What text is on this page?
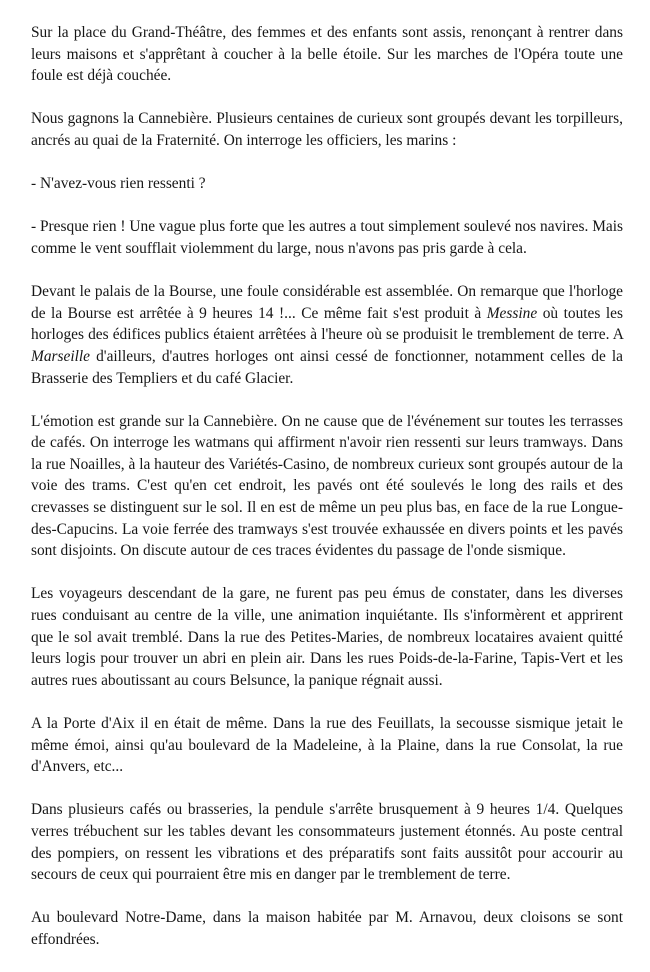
Sur la place du Grand-Théâtre, des femmes et des enfants sont assis, renonçant à rentrer dans leurs maisons et s'apprêtant à coucher à la belle étoile. Sur les marches de l'Opéra toute une foule est déjà couchée.

Nous gagnons la Cannebière. Plusieurs centaines de curieux sont groupés devant les torpilleurs, ancrés au quai de la Fraternité. On interroge les officiers, les marins :

- N'avez-vous rien ressenti ?

- Presque rien ! Une vague plus forte que les autres a tout simplement soulevé nos navires. Mais comme le vent soufflait violemment du large, nous n'avons pas pris garde à cela.

Devant le palais de la Bourse, une foule considérable est assemblée. On remarque que l'horloge de la Bourse est arrêtée à 9 heures 14 !... Ce même fait s'est produit à Messine où toutes les horloges des édifices publics étaient arrêtées à l'heure où se produisit le tremblement de terre. A Marseille d'ailleurs, d'autres horloges ont ainsi cessé de fonctionner, notamment celles de la Brasserie des Templiers et du café Glacier.

L'émotion est grande sur la Cannebière. On ne cause que de l'événement sur toutes les terrasses de cafés. On interroge les watmans qui affirment n'avoir rien ressenti sur leurs tramways. Dans la rue Noailles, à la hauteur des Variétés-Casino, de nombreux curieux sont groupés autour de la voie des trams. C'est qu'en cet endroit, les pavés ont été soulevés le long des rails et des crevasses se distinguent sur le sol. Il en est de même un peu plus bas, en face de la rue Longue-des-Capucins. La voie ferrée des tramways s'est trouvée exhaussée en divers points et les pavés sont disjoints. On discute autour de ces traces évidentes du passage de l'onde sismique.

Les voyageurs descendant de la gare, ne furent pas peu émus de constater, dans les diverses rues conduisant au centre de la ville, une animation inquiétante. Ils s'informèrent et apprirent que le sol avait tremblé. Dans la rue des Petites-Maries, de nombreux locataires avaient quitté leurs logis pour trouver un abri en plein air. Dans les rues Poids-de-la-Farine, Tapis-Vert et les autres rues aboutissant au cours Belsunce, la panique régnait aussi.

A la Porte d'Aix il en était de même. Dans la rue des Feuillats, la secousse sismique jetait le même émoi, ainsi qu'au boulevard de la Madeleine, à la Plaine, dans la rue Consolat, la rue d'Anvers, etc...

Dans plusieurs cafés ou brasseries, la pendule s'arrête brusquement à 9 heures 1/4. Quelques verres trébuchent sur les tables devant les consommateurs justement étonnés. Au poste central des pompiers, on ressent les vibrations et des préparatifs sont faits aussitôt pour accourir au secours de ceux qui pourraient être mis en danger par le tremblement de terre.

Au boulevard Notre-Dame, dans la maison habitée par M. Arnavou, deux cloisons se sont effondrées.
